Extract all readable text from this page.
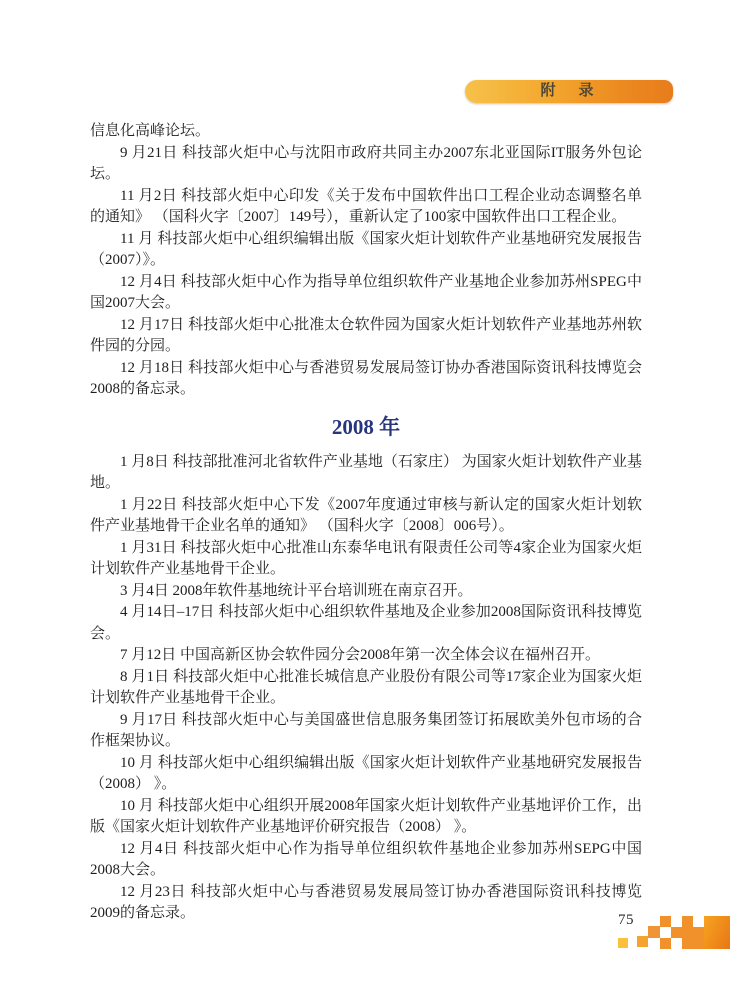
附　录

信息化高峰论坛。

9 月21日 科技部火炬中心与沈阳市政府共同主办2007东北亚国际IT服务外包论坛。

11 月2日 科技部火炬中心印发《关于发布中国软件出口工程企业动态调整名单的通知》 （国科火字〔2007〕149号），重新认定了100家中国软件出口工程企业。

11 月 科技部火炬中心组织编辑出版《国家火炬计划软件产业基地研究发展报告（2007）》。

12 月4日 科技部火炬中心作为指导单位组织软件产业基地企业参加苏州SPEG中国2007大会。

12 月17日 科技部火炬中心批准太仓软件园为国家火炬计划软件产业基地苏州软件园的分园。

12 月18日 科技部火炬中心与香港贸易发展局签订协办香港国际资讯科技博览会2008的备忘录。

2008 年

1 月8日 科技部批准河北省软件产业基地（石家庄） 为国家火炬计划软件产业基地。

1 月22日 科技部火炬中心下发《2007年度通过审核与新认定的国家火炬计划软件产业基地骨干企业名单的通知》 （国科火字〔2008〕006号）。

1 月31日 科技部火炬中心批准山东泰华电讯有限责任公司等4家企业为国家火炬计划软件产业基地骨干企业。

3 月4日 2008年软件基地统计平台培训班在南京召开。

4 月14日–17日 科技部火炬中心组织软件基地及企业参加2008国际资讯科技博览会。

7 月12日 中国高新区协会软件园分会2008年第一次全体会议在福州召开。

8 月1日 科技部火炬中心批准长城信息产业股份有限公司等17家企业为国家火炬计划软件产业基地骨干企业。

9 月17日 科技部火炬中心与美国盛世信息服务集团签订拓展欧美外包市场的合作框架协议。

10 月 科技部火炬中心组织编辑出版《国家火炬计划软件产业基地研究发展报告（2008） 》。

10 月 科技部火炬中心组织开展2008年国家火炬计划软件产业基地评价工作，出版《国家火炬计划软件产业基地评价研究报告（2008） 》。

12 月4日 科技部火炬中心作为指导单位组织软件基地企业参加苏州SEPG中国2008大会。

12 月23日 科技部火炬中心与香港贸易发展局签订协办香港国际资讯科技博览2009的备忘录。	75
